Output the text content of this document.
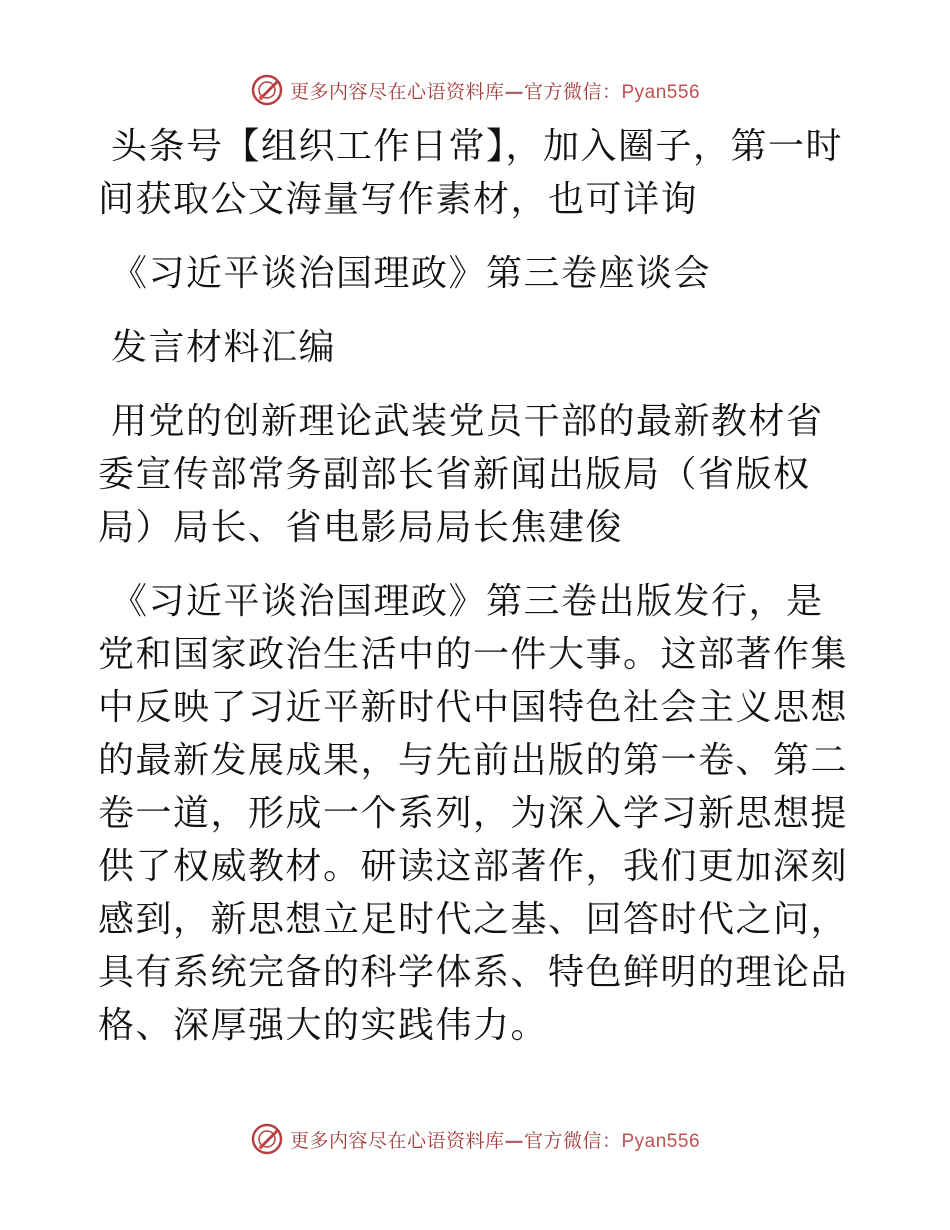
更多内容尽在心语资料库—官方微信：Pyan556

头条号【组织工作日常】，加入圈子，第一时间获取公文海量写作素材，也可详询

《习近平谈治国理政》第三卷座谈会

发言材料汇编

用党的创新理论武装党员干部的最新教材省委宣传部常务副部长省新闻出版局（省版权局）局长、省电影局局长焦建俊

《习近平谈治国理政》第三卷出版发行，是党和国家政治生活中的一件大事。这部著作集中反映了习近平新时代中国特色社会主义思想的最新发展成果，与先前出版的第一卷、第二卷一道，形成一个系列，为深入学习新思想提供了权威教材。研读这部著作，我们更加深刻感到，新思想立足时代之基、回答时代之问，具有系统完备的科学体系、特色鲜明的理论品格、深厚强大的实践伟力。

更多内容尽在心语资料库—官方微信：Pyan556
